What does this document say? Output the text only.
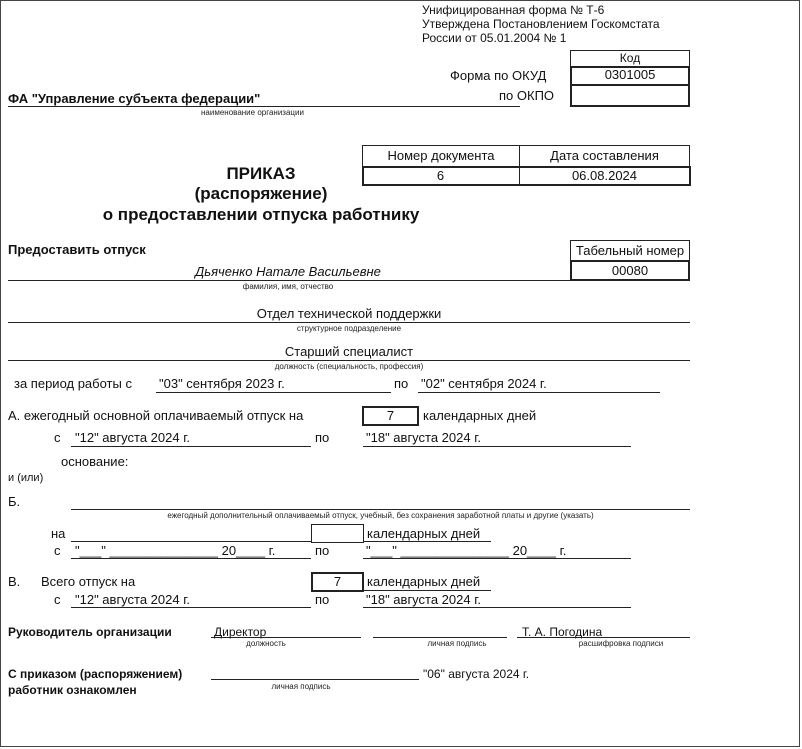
Унифицированная форма № Т-6
Утверждена Постановлением Госкомстата
России от 05.01.2004 № 1
Код
0301005
Форма по ОКУД
по ОКПО
ФА "Управление субъекта федерации"
наименование организации
Номер документа	Дата составления
6	06.08.2024
ПРИКАЗ
(распоряжение)
о предоставлении отпуска работнику
Предоставить отпуск	Табельный номер
00080
Дьяченко Натале Васильевне
фамилия, имя, отчество
Отдел технической поддержки
структурное подразделение
Старший специалист
должность (специальность, профессия)
за период работы с "03" сентября 2023 г.	по "02" сентября 2024 г.
А. ежегодный основной оплачиваемый отпуск на	7	календарных дней
с "12" августа 2024 г.	по	"18" августа 2024 г.
основание:
и (или)
Б.
ежегодный дополнительный оплачиваемый отпуск, учебный, без сохранения заработной платы и другие (указать)
на	календарных дней
с "___" _______________ 20____ г.	по	"___" _______________ 20____ г.
В. Всего отпуск на	7	календарных дней
с "12" августа 2024 г.	по	"18" августа 2024 г.
Руководитель организации	Директор
должность	личная подпись
Т. А. Погодина
расшифровка подписи
С приказом (распоряжением)
работник ознакомлен	личная подпись
"06" августа 2024 г.
